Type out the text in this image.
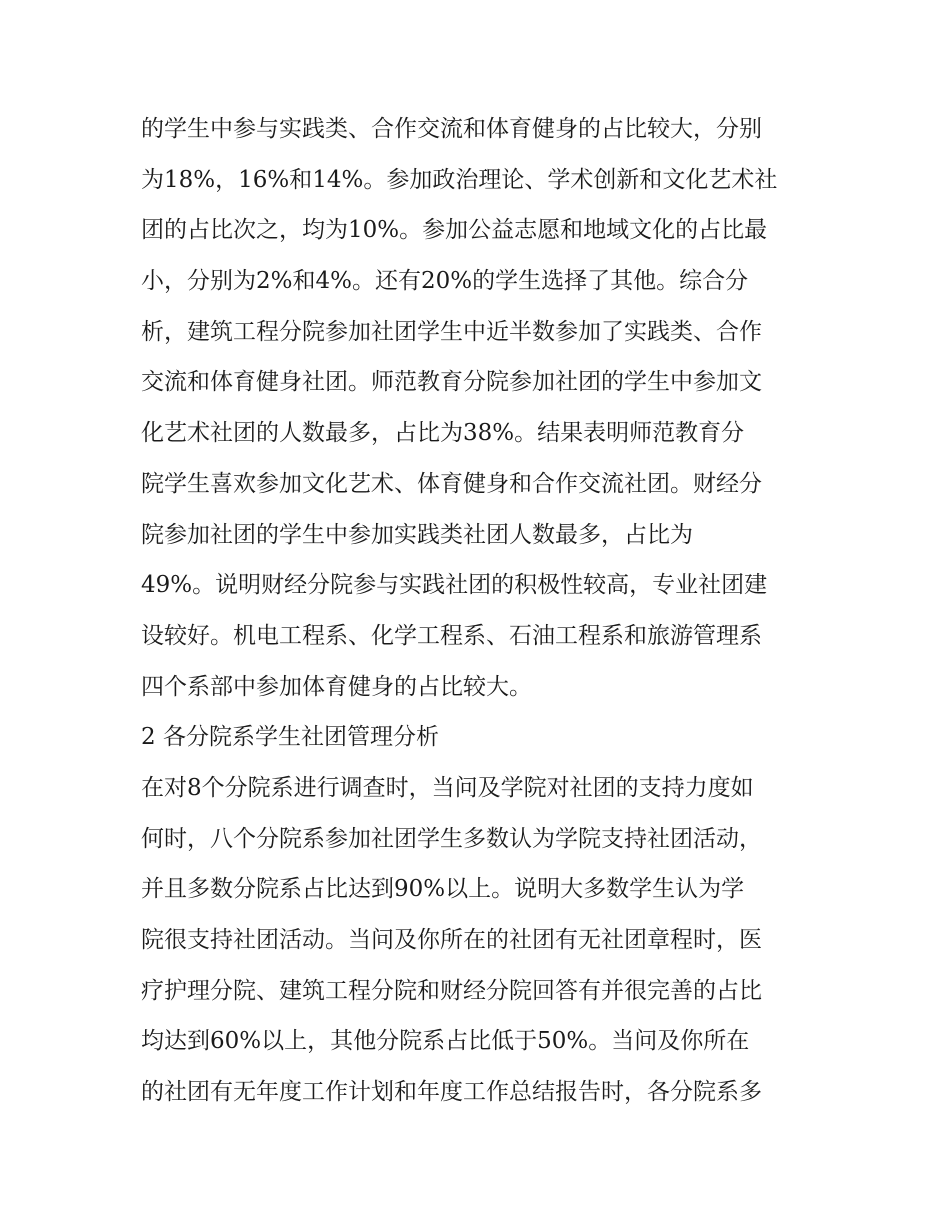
的学生中参与实践类、合作交流和体育健身的占比较大，分别
为18%，16%和14%。参加政治理论、学术创新和文化艺术社
团的占比次之，均为10%。参加公益志愿和地域文化的占比最
小，分别为2%和4%。还有20%的学生选择了其他。综合分
析，建筑工程分院参加社团学生中近半数参加了实践类、合作
交流和体育健身社团。师范教育分院参加社团的学生中参加文
化艺术社团的人数最多，占比为38%。结果表明师范教育分
院学生喜欢参加文化艺术、体育健身和合作交流社团。财经分
院参加社团的学生中参加实践类社团人数最多，占比为
49%。说明财经分院参与实践社团的积极性较高，专业社团建
设较好。机电工程系、化学工程系、石油工程系和旅游管理系
四个系部中参加体育健身的占比较大。
2 各分院系学生社团管理分析
在对8个分院系进行调查时，当问及学院对社团的支持力度如
何时，八个分院系参加社团学生多数认为学院支持社团活动，
并且多数分院系占比达到90%以上。说明大多数学生认为学
院很支持社团活动。当问及你所在的社团有无社团章程时，医
疗护理分院、建筑工程分院和财经分院回答有并很完善的占比
均达到60%以上，其他分院系占比低于50%。当问及你所在
的社团有无年度工作计划和年度工作总结报告时，各分院系多
